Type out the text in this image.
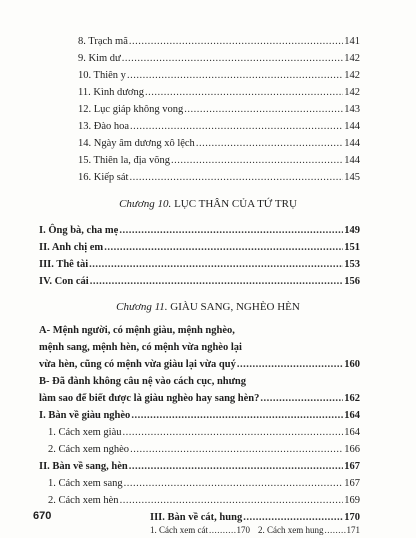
8. Trạch mã .....	141
9. Kim dư .....	142
10. Thiên y .....	142
11. Kình dương .....	142
12. Lục giáp không vong .....	143
13. Đào hoa .....	144
14. Ngày âm dương xô lệch .....	144
15. Thiên la, địa võng .....	144
16. Kiếp sát .....	145
Chương 10. LỤC THÂN CỦA TỨ TRỤ
I. Ông bà, cha mẹ .....	149
II. Anh chị em .....	151
III. Thê tài .....	153
IV. Con cái .....	156
Chương 11. GIÀU SANG, NGHÈO HÈN
A- Mệnh người, có mệnh giàu, mệnh nghèo,
mệnh sang, mệnh hèn, có mệnh vừa nghèo lại
vừa hèn, cũng có mệnh vừa giàu lại vừa quý .....	160
B- Đã đành không câu nệ vào cách cục, nhưng
làm sao để biết được là giàu nghèo hay sang hèn? .....	162
I. Bàn về giàu nghèo .....	164
1. Cách xem giàu .....	164
2. Cách xem nghèo .....	166
II. Bàn về sang, hèn .....	167
1. Cách xem sang .....	167
2. Cách xem hèn .....	169
III. Bàn về cát, hung .....	170
1. Cách xem cát .....	170 2. Cách xem hung .....	171
670
